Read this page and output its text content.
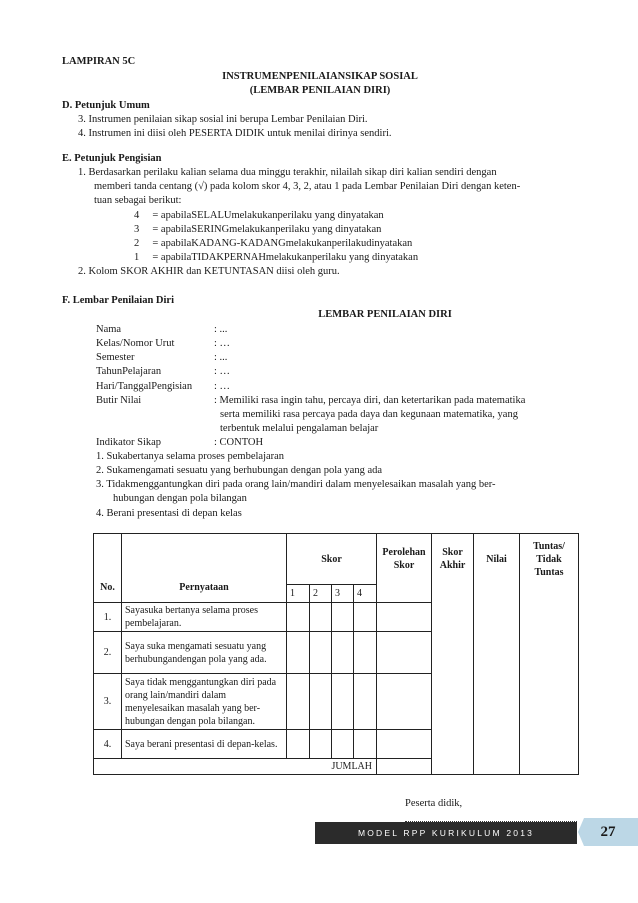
LAMPIRAN 5C
INSTRUMENPENILAIANSIKAP SOSIAL
(LEMBAR PENILAIAN DIRI)
D. Petunjuk Umum
3. Instrumen penilaian sikap sosial ini berupa Lembar Penilaian Diri.
4. Instrumen ini diisi oleh PESERTA DIDIK untuk menilai dirinya sendiri.
E. Petunjuk Pengisian
1. Berdasarkan perilaku kalian selama dua minggu terakhir, nilailah sikap diri kalian sendiri dengan
memberi tanda centang (√) pada kolom skor 4, 3, 2, atau 1 pada Lembar Penilaian Diri dengan keten-
tuan sebagai berikut:
4     = apabilaSELALUmelakukanperilaku yang dinyatakan
3     = apabilaSERINGmelakukanperilaku yang dinyatakan
2     = apabilaKADANG-KADANGmelakukanperilakudinyatakan
1     = apabilaTIDAKPERNAHmelakukanperilaku yang dinyatakan
2. Kolom SKOR AKHIR dan KETUNTASAN diisi oleh guru.
F. Lembar Penilaian Diri
LEMBAR PENILAIAN DIRI
Nama	: ...
Kelas/Nomor Urut	: …
Semester	: ...
TahunPelajaran	: …
Hari/TanggalPengisian : …
Butir Nilai	: Memiliki rasa ingin tahu, percaya diri, dan ketertarikan pada matematika
serta memiliki rasa percaya pada daya dan kegunaan matematika, yang
terbentuk melalui pengalaman belajar
Indikator Sikap	: CONTOH
1. Sukabertanya selama proses pembelajaran
2. Sukamengamati sesuatu yang berhubungan dengan pola yang ada
3. Tidakmenggantungkan diri pada orang lain/mandiri dalam menyelesaikan masalah yang ber-
hubungan dengan pola bilangan
4. Berani presentasi di depan kelas
No.	Pernyataan	Skor				Perolehan Skor	Skor Akhir	Nilai	Tuntas/ Tidak Tuntas
		1	2	3	4				
1.	Sayasuka bertanya selama proses pembelajaran.								
2.	Saya suka mengamati sesuatu yang berhubungandengan pola yang ada.								
3.	Saya tidak menggantungkan diri pada orang lain/mandiri dalam menyelesaikan masalah yang ber-hubungan dengan pola bilangan.								
4.	Saya berani presentasi di depan-kelas.								
JUMLAH									
Peserta didik,
MODEL RPP KURIKULUM 2013	27
